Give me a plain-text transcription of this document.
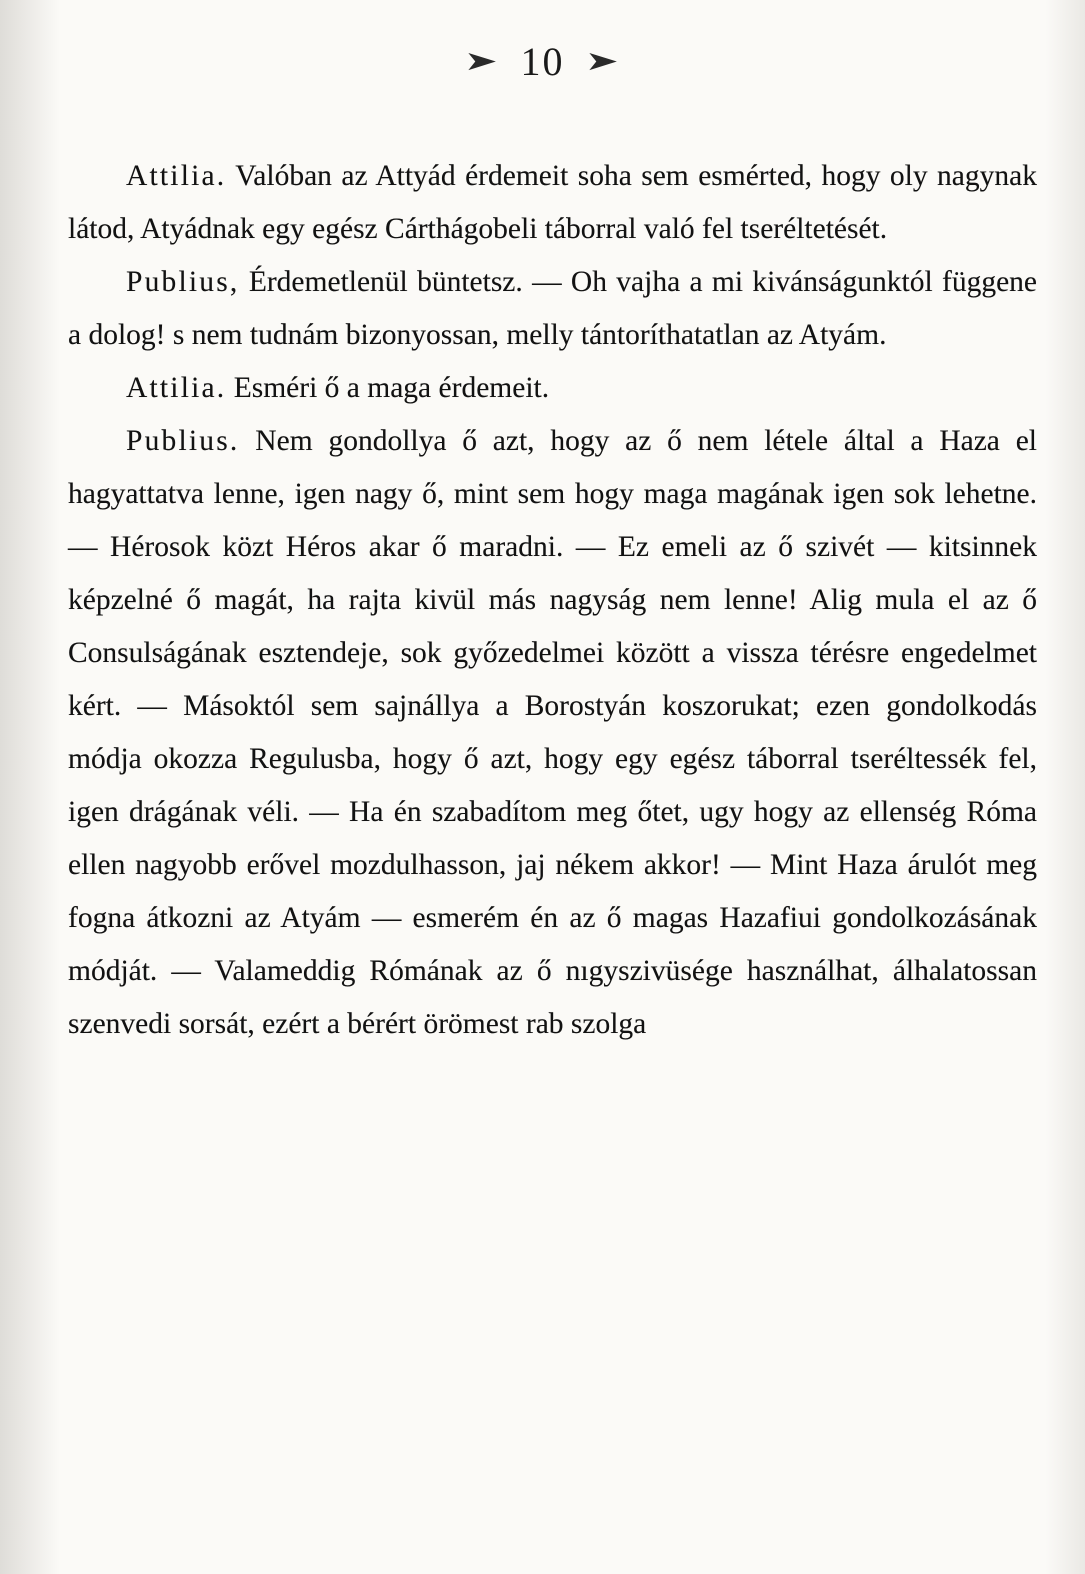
➤ 10 ➤

Attilia. Valóban az Attyád érdemeit soha sem esmérted, hogy oly nagynak látod, Atyádnak egy egész Cárthágobeli táborral való fel tseréltetését.

Publius, Érdemetlenül büntetsz. — Oh vajha a mi kivánságunktól függene a dolog! s nem tudnám bizonyossan, melly tántoríthatatlan az Atyám.

Attilia. Esméri ő a maga érdemeit.

Publius. Nem gondollya ő azt, hogy az ő nem létele által a Haza el hagyattatva lenne, igen nagy ő, mint sem hogy maga magának igen sok lehetne. — Hérosok közt Héros akar ő maradni. — Ez emeli az ő szivét — kitsinnek képzelné ő magát, ha rajta kivül más nagyság nem lenne! Alig mula el az ő Consulságának esztendeje, sok győzedelmei között a vissza térésre engedelmet kért. — Másoktól sem sajnállya a Borostyán koszorukat; ezen gondolkodás módja okozza Regulusba, hogy ő azt, hogy egy egész táborral tseréltessék fel, igen drágának véli. — Ha én szabadítom meg őtet, ugy hogy az ellenség Róma ellen nagyobb erővel mozdulhasson, jaj nékem akkor! — Mint Haza árulót meg fogna átkozni az Atyám — esmerém én az ő magas Hazafiui gondolkozásának módját. — Valameddig Rómának az ő nıgyszivüsége használhat, álhalatossan szenvedi sorsát, ezért a bérért örömest rab szolga
